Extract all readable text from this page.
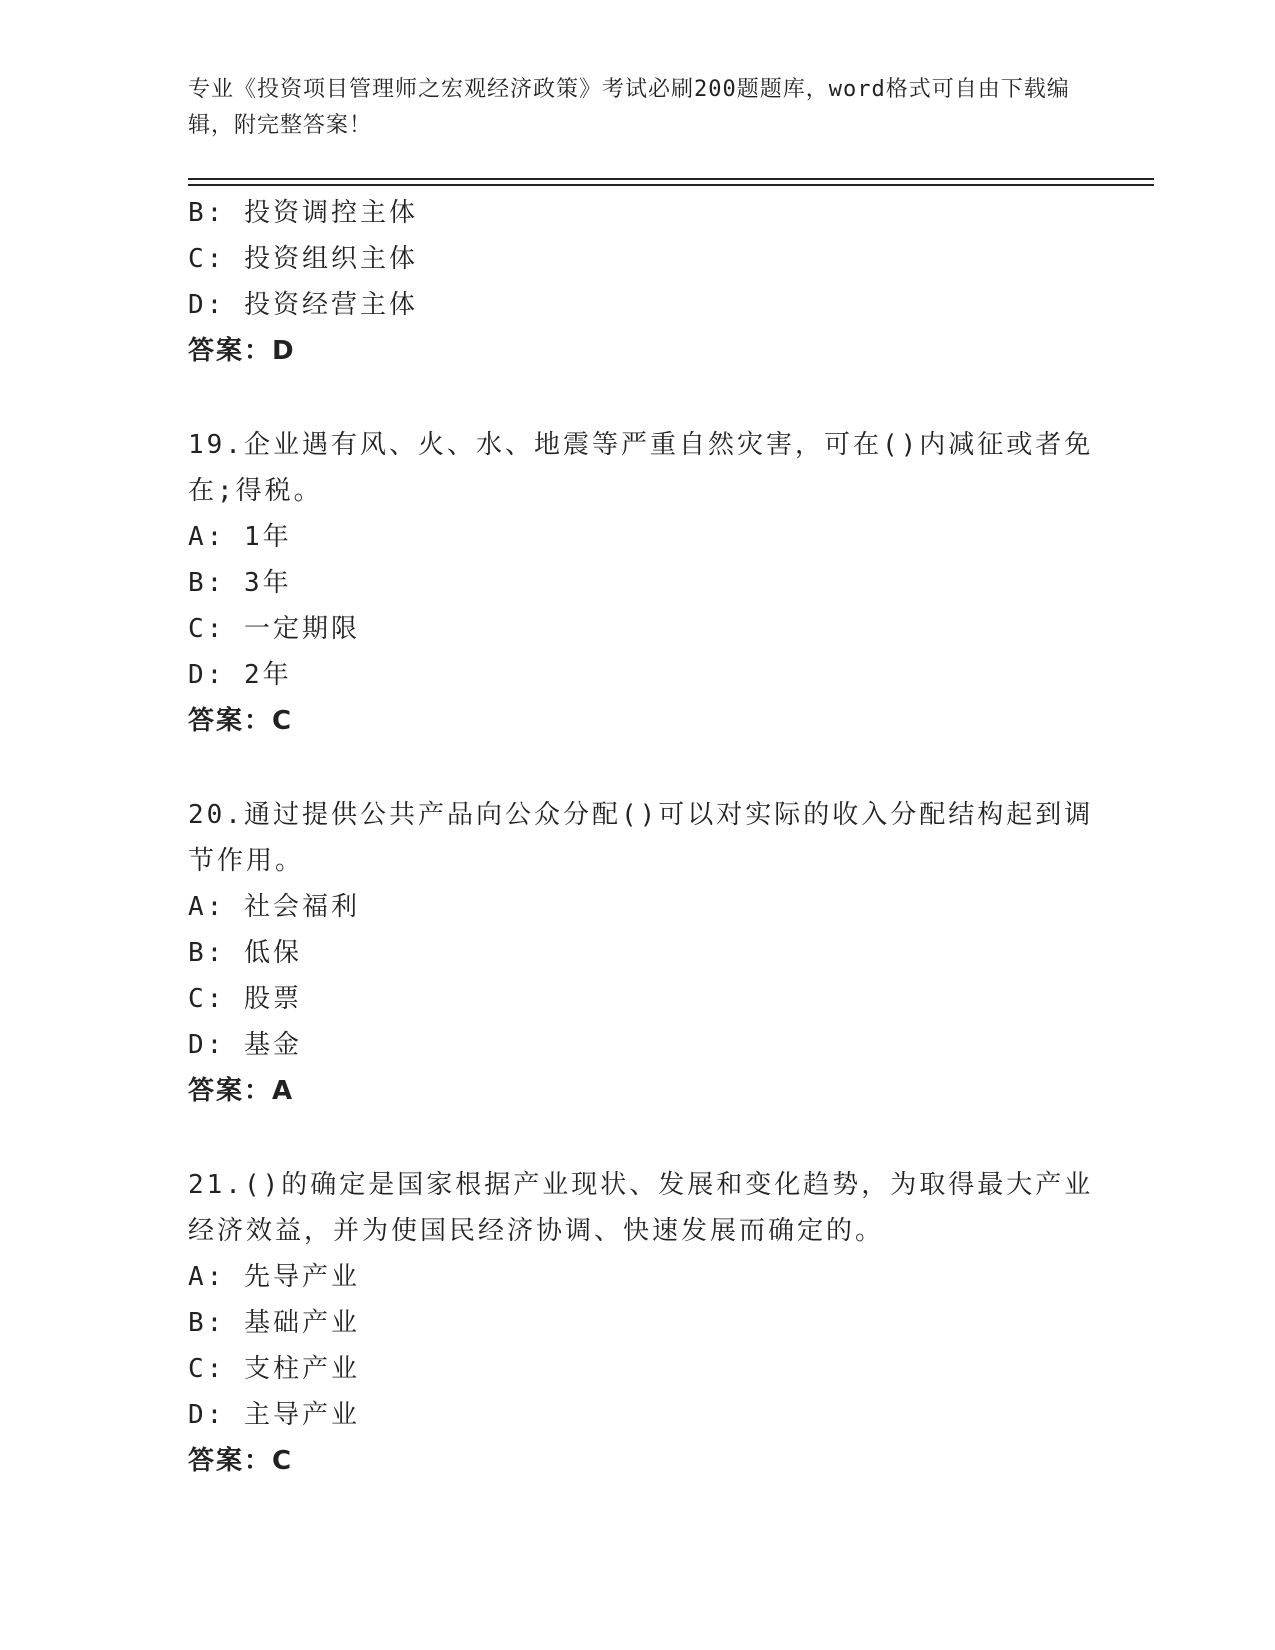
专业《投资项目管理师之宏观经济政策》考试必刷200题题库，word格式可自由下载编辑，附完整答案！
B: 投资调控主体
C: 投资组织主体
D: 投资经营主体
答案：D
19.企业遇有风、火、水、地震等严重自然灾害，可在()内减征或者免
在;得税。
A: 1年
B: 3年
C: 一定期限
D: 2年
答案：C
20.通过提供公共产品向公众分配()可以对实际的收入分配结构起到调
节作用。
A: 社会福利
B: 低保
C: 股票
D: 基金
答案：A
21.()的确定是国家根据产业现状、发展和变化趋势，为取得最大产业
经济效益，并为使国民经济协调、快速发展而确定的。
A: 先导产业
B: 基础产业
C: 支柱产业
D: 主导产业
答案：C
